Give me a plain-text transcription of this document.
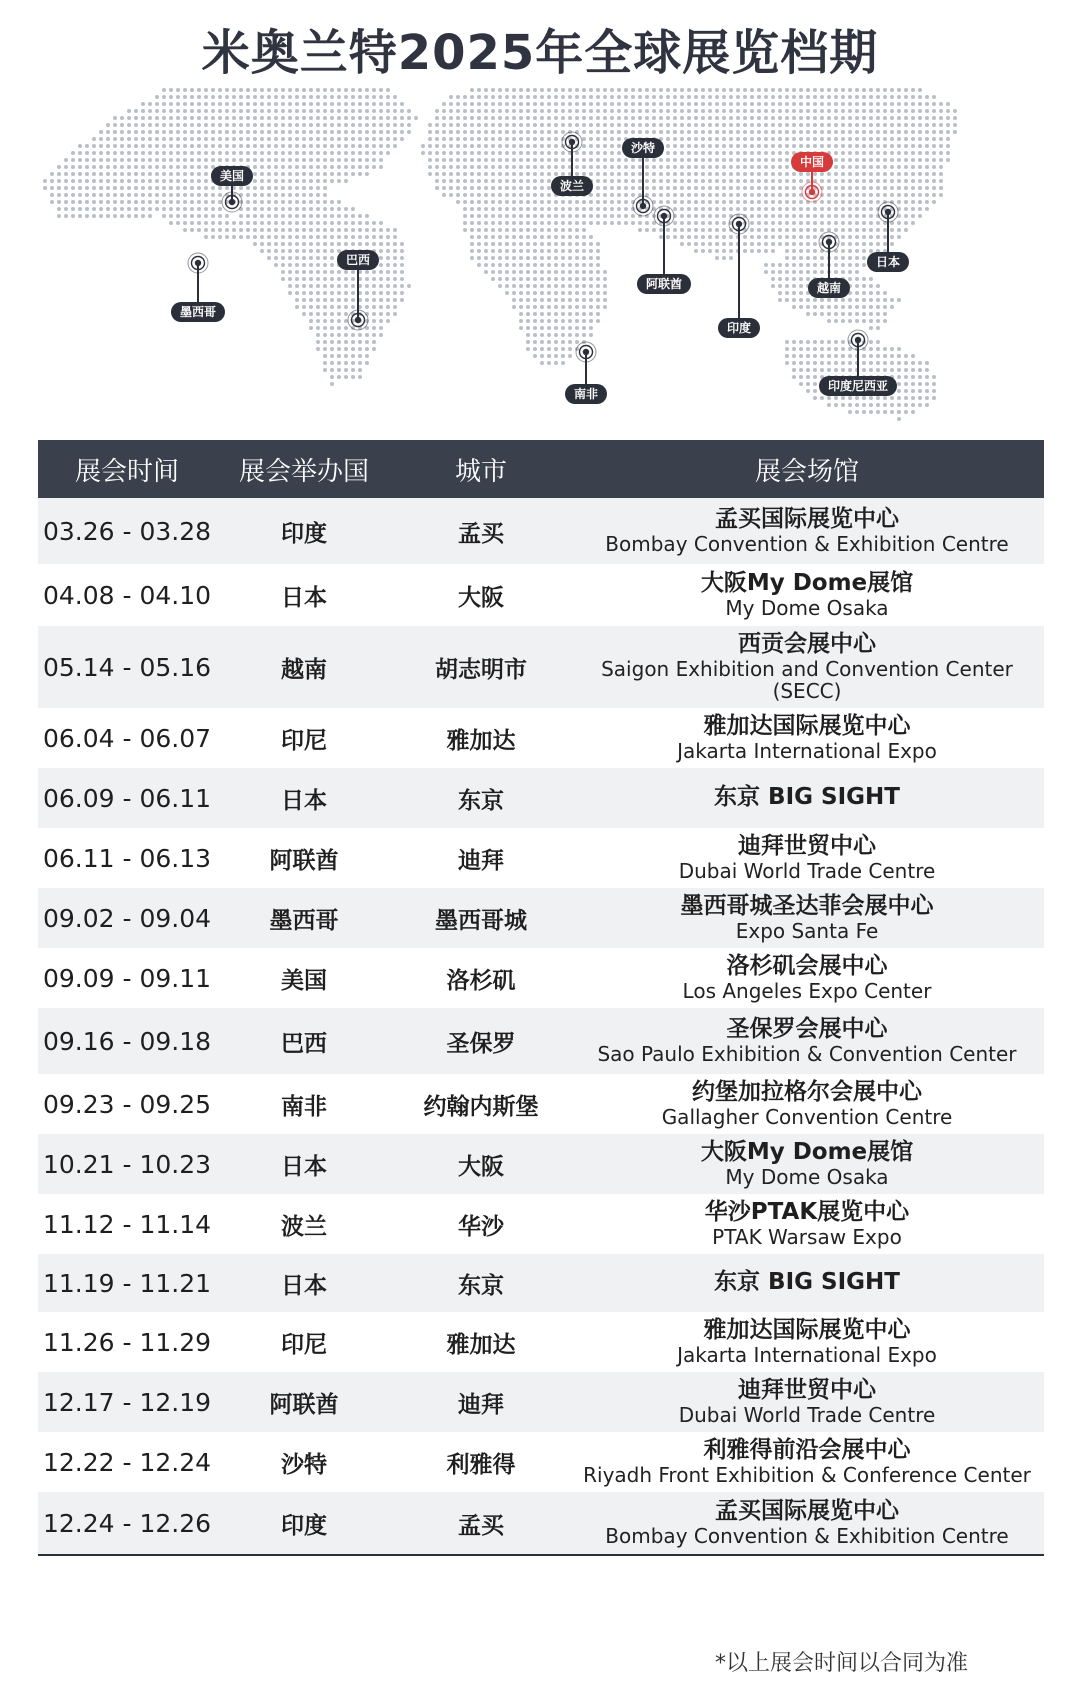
米奥兰特2025年全球展览档期
美国
墨西哥
巴西
波兰
沙特
阿联酋
南非
印度
中国
越南
日本
印度尼西亚
展会时间	展会举办国	城市	展会场馆
03.26 - 03.28	印度	孟买
孟买国际展览中心
Bombay Convention & Exhibition Centre
04.08 - 04.10	日本	大阪
大阪My Dome展馆
My Dome Osaka
05.14 - 05.16	越南	胡志明市
西贡会展中心
Saigon Exhibition and Convention Center
(SECC)
06.04 - 06.07	印尼	雅加达
雅加达国际展览中心
Jakarta International Expo
06.09 - 06.11	日本	东京	东京 BIG SIGHT
06.11 - 06.13	阿联酋	迪拜
迪拜世贸中心
Dubai World Trade Centre
09.02 - 09.04	墨西哥	墨西哥城
墨西哥城圣达菲会展中心
Expo Santa Fe
09.09 - 09.11	美国	洛杉矶
洛杉矶会展中心
Los Angeles Expo Center
09.16 - 09.18	巴西	圣保罗
圣保罗会展中心
Sao Paulo Exhibition & Convention Center
09.23 - 09.25	南非	约翰内斯堡
约堡加拉格尔会展中心
Gallagher Convention Centre
10.21 - 10.23	日本	大阪
大阪My Dome展馆
My Dome Osaka
11.12 - 11.14	波兰	华沙
华沙PTAK展览中心
PTAK Warsaw Expo
11.19 - 11.21	日本	东京	东京 BIG SIGHT
11.26 - 11.29	印尼	雅加达
雅加达国际展览中心
Jakarta International Expo
12.17 - 12.19	阿联酋	迪拜
迪拜世贸中心
Dubai World Trade Centre
12.22 - 12.24	沙特	利雅得
利雅得前沿会展中心
Riyadh Front Exhibition & Conference Center
12.24 - 12.26	印度	孟买
孟买国际展览中心
Bombay Convention & Exhibition Centre
*以上展会时间以合同为准
